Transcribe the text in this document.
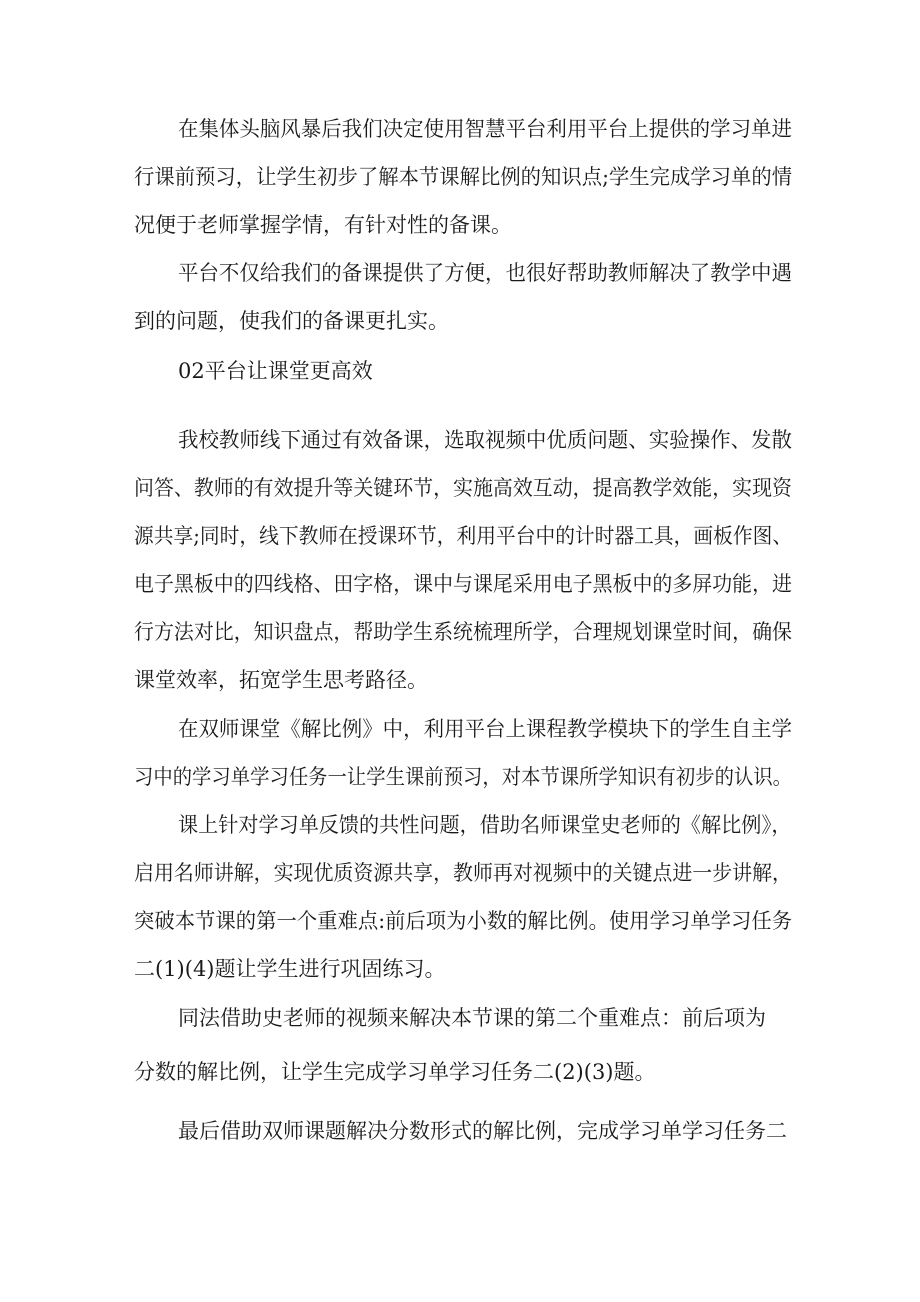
在集体头脑风暴后我们决定使用智慧平台利用平台上提供的学习单进
行课前预习，让学生初步了解本节课解比例的知识点;学生完成学习单的情
况便于老师掌握学情，有针对性的备课。
平台不仅给我们的备课提供了方便，也很好帮助教师解决了教学中遇
到的问题，使我们的备课更扎实。
02平台让课堂更高效
我校教师线下通过有效备课，选取视频中优质问题、实验操作、发散
问答、教师的有效提升等关键环节，实施高效互动，提高教学效能，实现资
源共享;同时，线下教师在授课环节，利用平台中的计时器工具，画板作图、
电子黑板中的四线格、田字格，课中与课尾采用电子黑板中的多屏功能，进
行方法对比，知识盘点，帮助学生系统梳理所学，合理规划课堂时间，确保
课堂效率，拓宽学生思考路径。
在双师课堂《解比例》中，利用平台上课程教学模块下的学生自主学
习中的学习单学习任务一让学生课前预习，对本节课所学知识有初步的认识。
课上针对学习单反馈的共性问题，借助名师课堂史老师的《解比例》，
启用名师讲解，实现优质资源共享，教师再对视频中的关键点进一步讲解，
突破本节课的第一个重难点:前后项为小数的解比例。使用学习单学习任务
二(1)(4)题让学生进行巩固练习。
同法借助史老师的视频来解决本节课的第二个重难点：前后项为
分数的解比例，让学生完成学习单学习任务二(2)(3)题。
最后借助双师课题解决分数形式的解比例，完成学习单学习任务二
